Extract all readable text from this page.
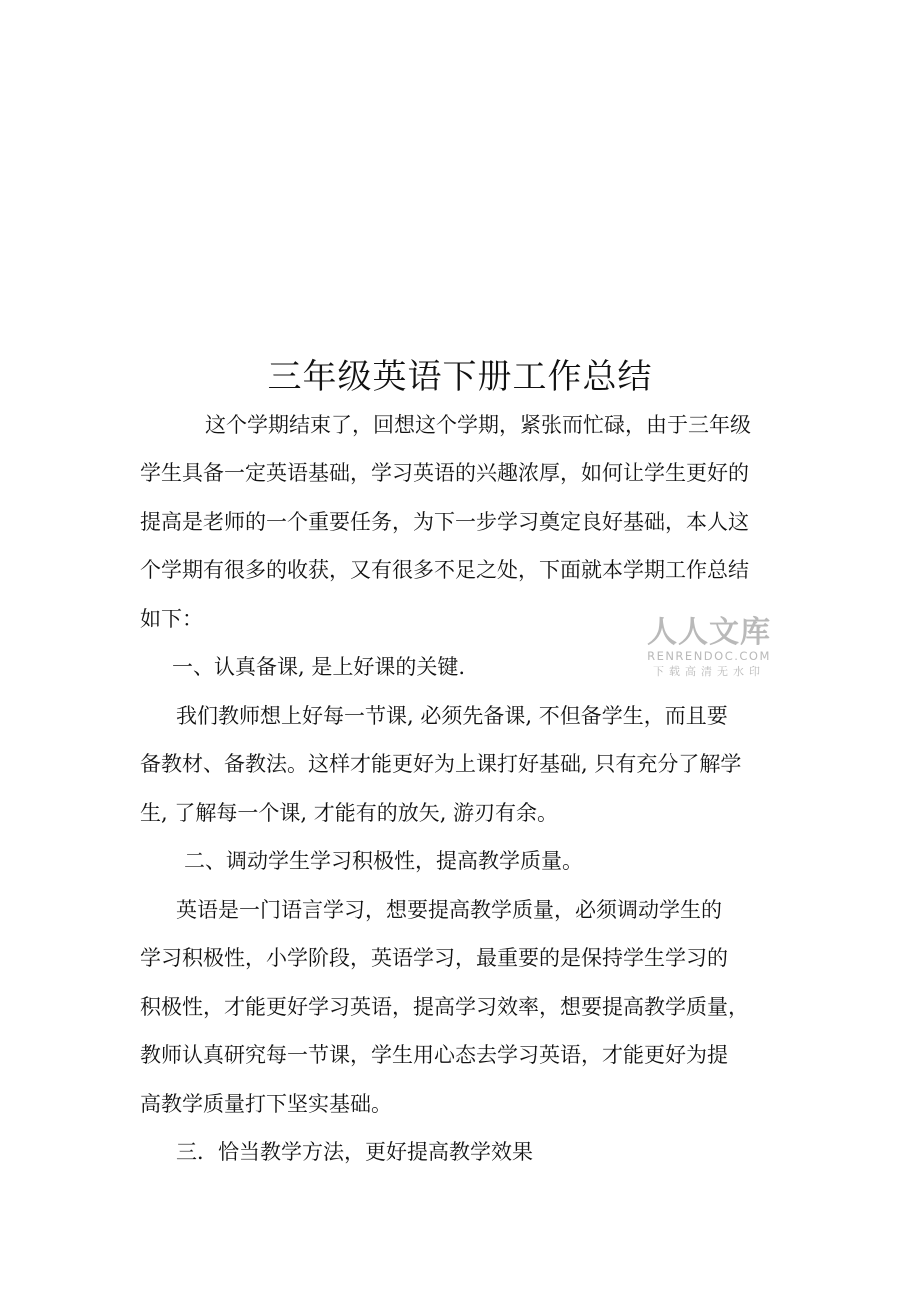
三年级英语下册工作总结

这个学期结束了，回想这个学期，紧张而忙碌，由于三年级

学生具备一定英语基础，学习英语的兴趣浓厚，如何让学生更好的

提高是老师的一个重要任务，为下一步学习奠定良好基础，本人这

个学期有很多的收获，又有很多不足之处，下面就本学期工作总结

如下：

一、认真备课, 是上好课的关键.

我们教师想上好每一节课, 必须先备课, 不但备学生，而且要

备教材、备教法。这样才能更好为上课打好基础, 只有充分了解学

生, 了解每一个课, 才能有的放矢, 游刃有余。

二、调动学生学习积极性，提高教学质量。

英语是一门语言学习，想要提高教学质量，必须调动学生的

学习积极性，小学阶段，英语学习，最重要的是保持学生学习的

积极性，才能更好学习英语，提高学习效率，想要提高教学质量，

教师认真研究每一节课，学生用心态去学习英语，才能更好为提

高教学质量打下坚实基础。

三．恰当教学方法，更好提高教学效果

人人文库
RENRENDOC.COM
下载高清无水印
